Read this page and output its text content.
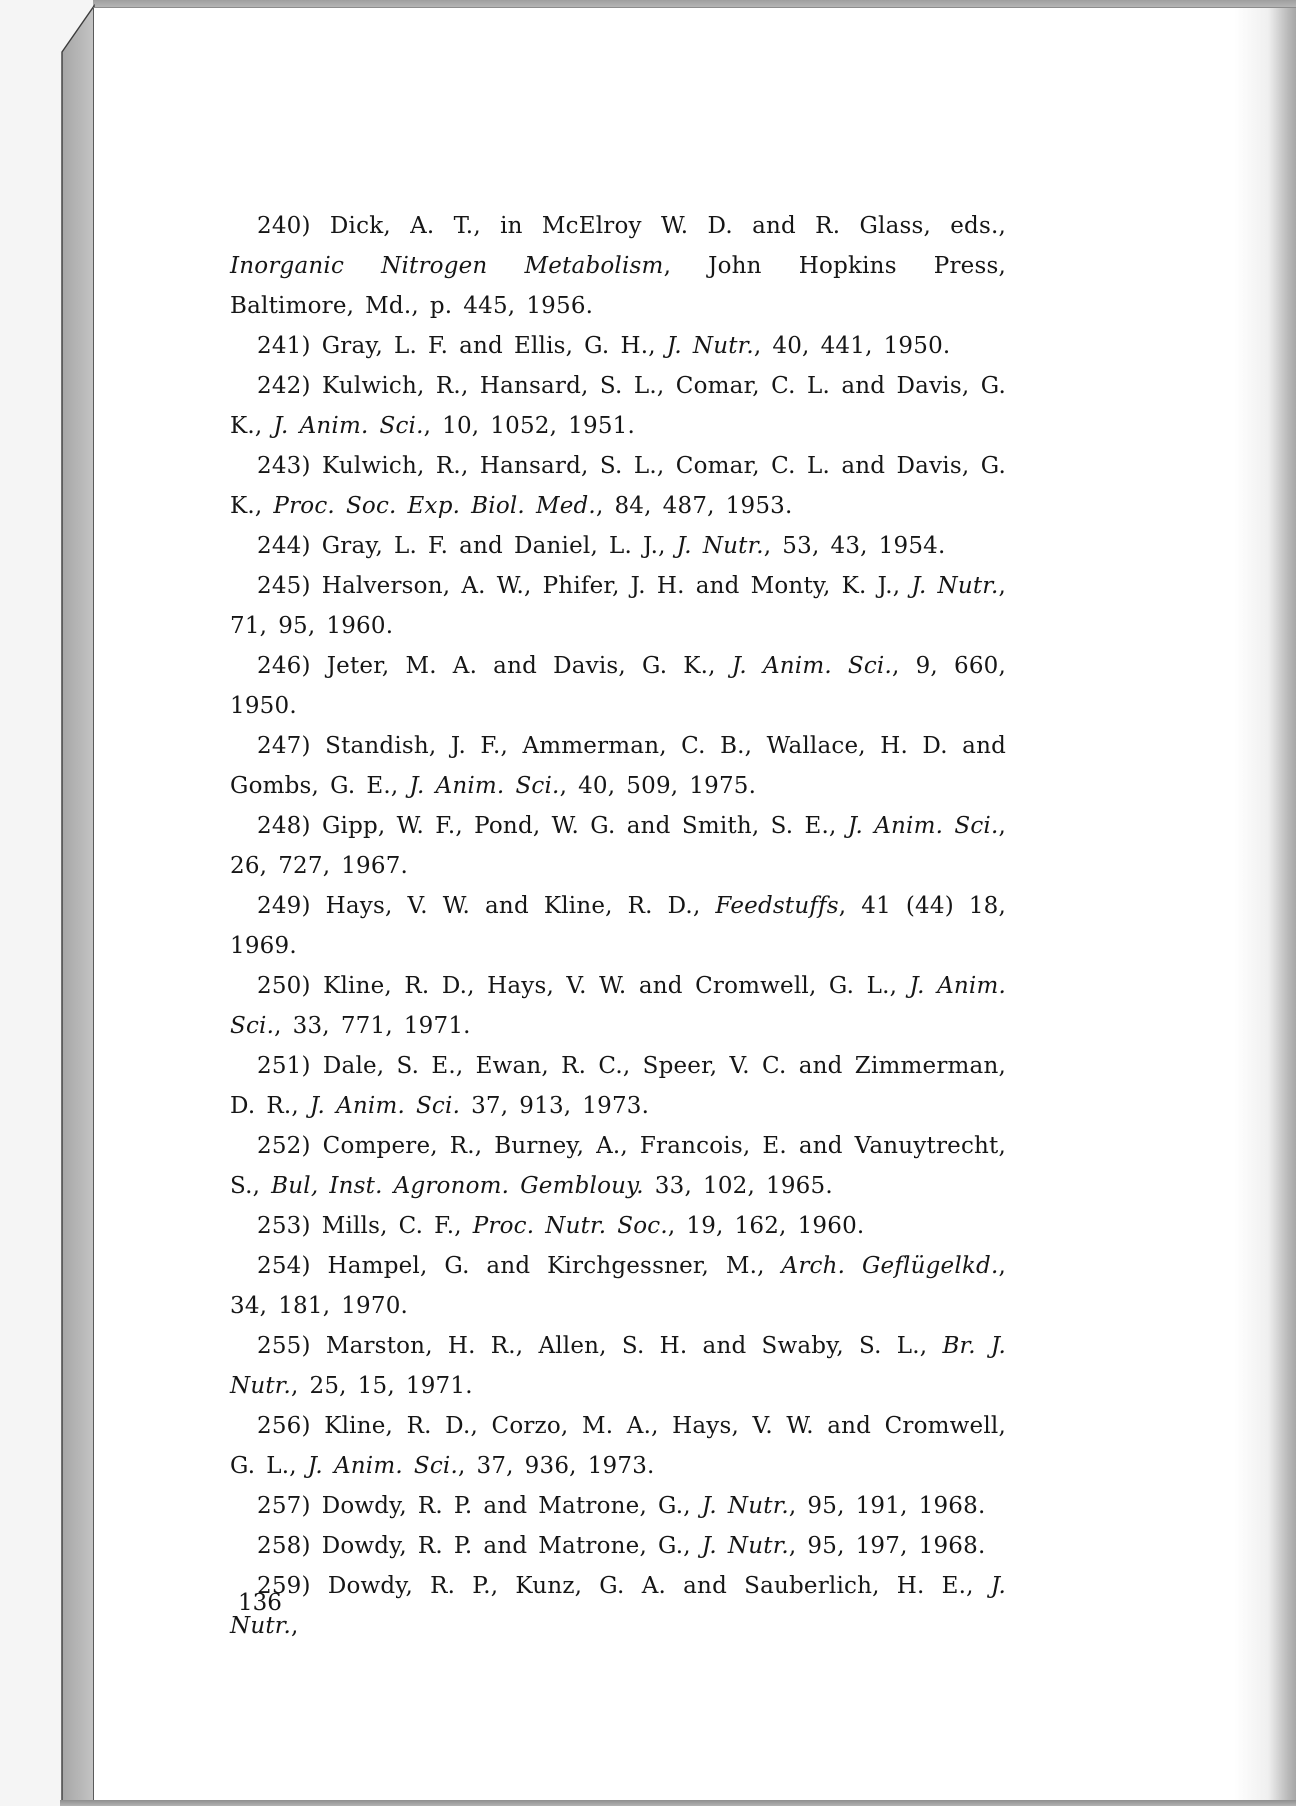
240) Dick, A. T., in McElroy W. D. and R. Glass, eds., Inorganic Nitrogen Metabolism, John Hopkins Press, Baltimore, Md., p. 445, 1956.

241) Gray, L. F. and Ellis, G. H., J. Nutr., 40, 441, 1950.

242) Kulwich, R., Hansard, S. L., Comar, C. L. and Davis, G. K., J. Anim. Sci., 10, 1052, 1951.

243) Kulwich, R., Hansard, S. L., Comar, C. L. and Davis, G. K., Proc. Soc. Exp. Biol. Med., 84, 487, 1953.

244) Gray, L. F. and Daniel, L. J., J. Nutr., 53, 43, 1954.

245) Halverson, A. W., Phifer, J. H. and Monty, K. J., J. Nutr., 71, 95, 1960.

246) Jeter, M. A. and Davis, G. K., J. Anim. Sci., 9, 660, 1950.

247) Standish, J. F., Ammerman, C. B., Wallace, H. D. and Gombs, G. E., J. Anim. Sci., 40, 509, 1975.

248) Gipp, W. F., Pond, W. G. and Smith, S. E., J. Anim. Sci., 26, 727, 1967.

249) Hays, V. W. and Kline, R. D., Feedstuffs, 41 (44) 18, 1969.

250) Kline, R. D., Hays, V. W. and Cromwell, G. L., J. Anim. Sci., 33, 771, 1971.

251) Dale, S. E., Ewan, R. C., Speer, V. C. and Zimmerman, D. R., J. Anim. Sci. 37, 913, 1973.

252) Compere, R., Burney, A., Francois, E. and Vanuytrecht, S., Bul, Inst. Agronom. Gemblouy. 33, 102, 1965.

253) Mills, C. F., Proc. Nutr. Soc., 19, 162, 1960.

254) Hampel, G. and Kirchgessner, M., Arch. Geflügelkd., 34, 181, 1970.

255) Marston, H. R., Allen, S. H. and Swaby, S. L., Br. J. Nutr., 25, 15, 1971.

256) Kline, R. D., Corzo, M. A., Hays, V. W. and Cromwell, G. L., J. Anim. Sci., 37, 936, 1973.

257) Dowdy, R. P. and Matrone, G., J. Nutr., 95, 191, 1968.

258) Dowdy, R. P. and Matrone, G., J. Nutr., 95, 197, 1968.

259) Dowdy, R. P., Kunz, G. A. and Sauberlich, H. E., J. Nutr.,

136
